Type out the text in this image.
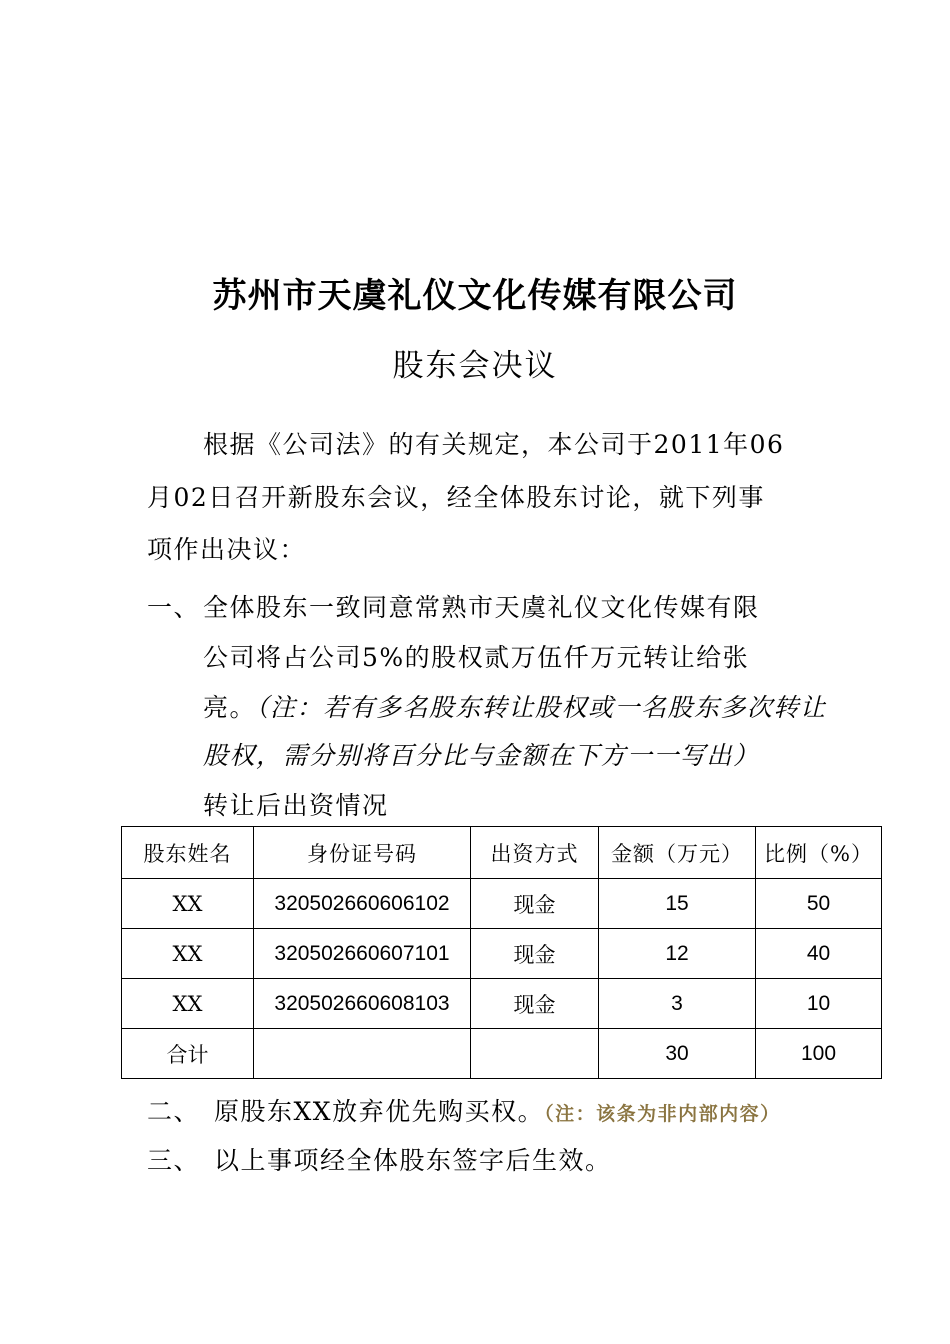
苏州市天虞礼仪文化传媒有限公司
股东会决议
根据《公司法》的有关规定，本公司于2011年06
月02日召开新股东会议，经全体股东讨论，就下列事
项作出决议：
一、 全体股东一致同意常熟市天虞礼仪文化传媒有限
公司将占公司5%的股权贰万伍仟万元转让给张
亮。（注：若有多名股东转让股权或一名股东多次转让
股权，需分别将百分比与金额在下方一一写出）
转让后出资情况
股东姓名	身份证号码	出资方式	金额（万元）	比例（%）
XX	320502660606102	现金	15	50
XX	320502660607101	现金	12	40
XX	320502660608103	现金	3	10
合计			30	100
二、 原股东XX放弃优先购买权。（注：该条为非内部内容）
三、 以上事项经全体股东签字后生效。
